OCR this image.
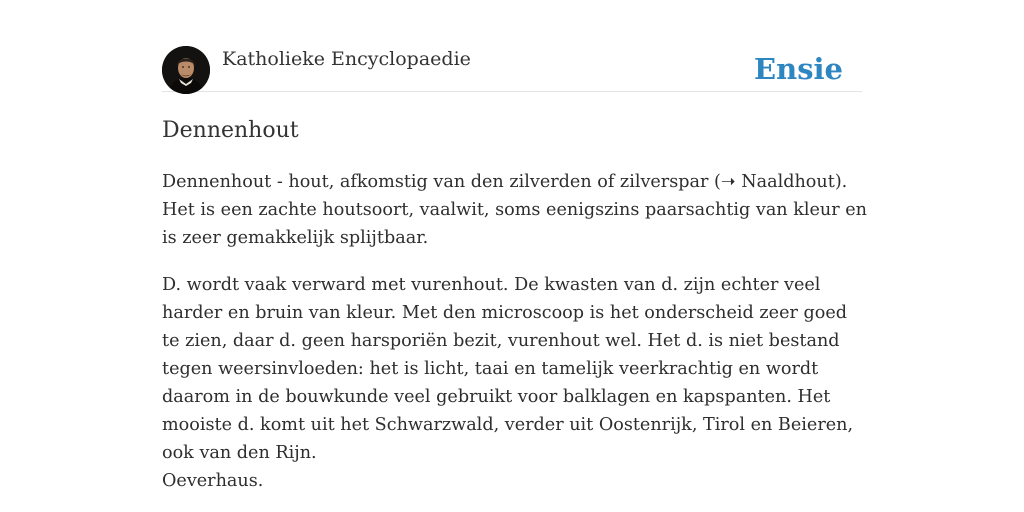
Katholieke Encyclopaedie	Ensie
Dennenhout

Dennenhout - hout, afkomstig van den zilverden of zilverspar (➝ Naaldhout). Het is een zachte houtsoort, vaalwit, soms eenigszins paarsachtig van kleur en is zeer gemakkelijk splijtbaar.

D. wordt vaak verward met vurenhout. De kwasten van d. zijn echter veel harder en bruin van kleur. Met den microscoop is het onderscheid zeer goed te zien, daar d. geen harsporiën bezit, vurenhout wel. Het d. is niet bestand tegen weersinvloeden: het is licht, taai en tamelijk veerkrachtig en wordt daarom in de bouwkunde veel gebruikt voor balklagen en kapspanten. Het mooiste d. komt uit het Schwarzwald, verder uit Oostenrijk, Tirol en Beieren, ook van den Rijn.
Oeverhaus.
